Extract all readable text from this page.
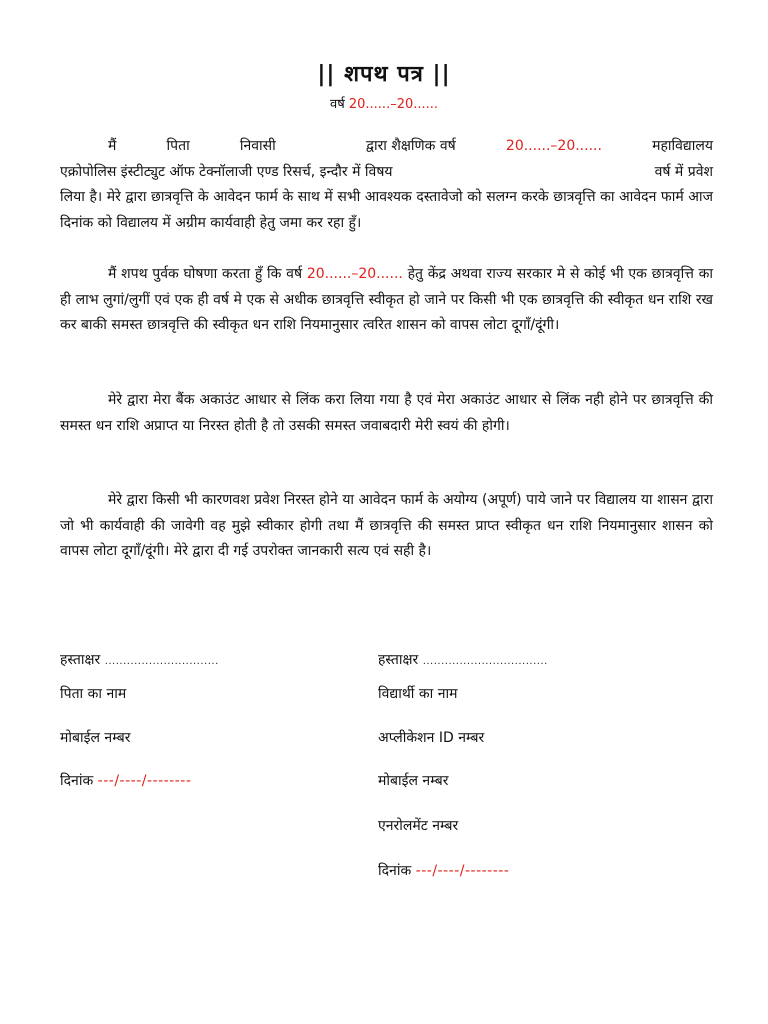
|| शपथ पत्र ||
वर्ष 20......–20......

मैं	पिता	निवासी	द्वारा शैक्षणिक वर्ष	20......–20......	महाविद्यालय
एक्रोपोलिस इंस्टीट्युट ऑफ टेक्नॉलाजी एण्ड रिसर्च, इन्दौर में विषय	वर्ष में प्रवेश
लिया है। मेरे द्वारा छात्रवृत्ति के आवेदन फार्म के साथ में सभी आवश्यक दस्तावेजो को सलग्न करके छात्रवृत्ति का आवेदन फार्म आज दिनांक को विद्यालय में अग्रीम कार्यवाही हेतु जमा कर रहा हुॅं।

मैं शपथ पुर्वक घोषणा करता हुॅं कि वर्ष 20......–20...... हेतु केंद्र अथवा राज्य सरकार मे से कोई भी एक छात्रवृत्ति का ही लाभ लुगां/लुगीं एवं एक ही वर्ष मे एक से अधीक छात्रवृत्ति स्वीकृत हो जाने पर किसी भी एक छात्रवृत्ति की स्वीकृत धन राशि रख कर बाकी समस्त छात्रवृत्ति की स्वीकृत धन राशि नियमानुसार त्वरित शासन को वापस लोटा दूगॉं/दूंगी।

मेरे द्वारा मेरा बैंक अकाउंट आधार से लिंक करा लिया गया है एवं मेरा अकाउंट आधार से लिंक नही होने पर छात्रवृत्ति की समस्त धन राशि अप्राप्त या निरस्त होती है तो उसकी समस्त जवाबदारी मेरी स्वयं की होगी।

मेरे द्वारा किसी भी कारणवश प्रवेश निरस्त होने या आवेदन फार्म के अयोग्य (अपूर्ण) पाये जाने पर विद्यालय या शासन द्वारा जो भी कार्यवाही की जावेगी वह मुझे स्वीकार होगी तथा मैं छात्रवृत्ति की समस्त प्राप्त स्वीकृत धन राशि नियमानुसार शासन को वापस लोटा दूगॉं/दूंगी। मेरे द्वारा दी गई उपरोक्त जानकारी सत्य एवं सही है।

हस्ताक्षर ...............................
पिता का नाम
मोबाईल नम्बर
दिनांक ---/----/--------
हस्ताक्षर ..................................
विद्यार्थी का नाम
अप्लीकेशन ID नम्बर
मोबाईल नम्बर
एनरोलमेंट नम्बर
दिनांक ---/----/--------
